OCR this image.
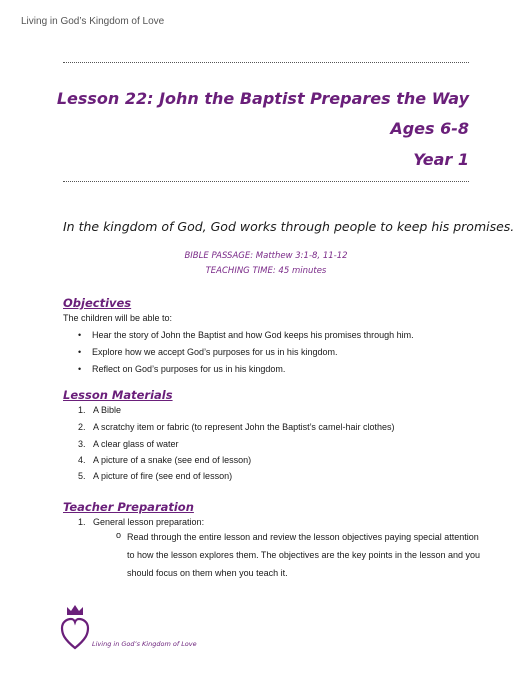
Living in God’s Kingdom of Love
Lesson 22: John the Baptist Prepares the Way
Ages 6-8
Year 1
In the kingdom of God, God works through people to keep his promises.
BIBLE PASSAGE: Matthew 3:1-8, 11-12
TEACHING TIME: 45 minutes
Objectives
The children will be able to:
• Hear the story of John the Baptist and how God keeps his promises through him.
• Explore how we accept God’s purposes for us in his kingdom.
• Reflect on God’s purposes for us in his kingdom.
Lesson Materials
1. A Bible
2. A scratchy item or fabric (to represent John the Baptist’s camel-hair clothes)
3. A clear glass of water
4. A picture of a snake (see end of lesson)
5. A picture of fire (see end of lesson)
Teacher Preparation
1. General lesson preparation:
o Read through the entire lesson and review the lesson objectives paying special attention to how the lesson explores them. The objectives are the key points in the lesson and you should focus on them when you teach it.
Living in God’s Kingdom of Love
